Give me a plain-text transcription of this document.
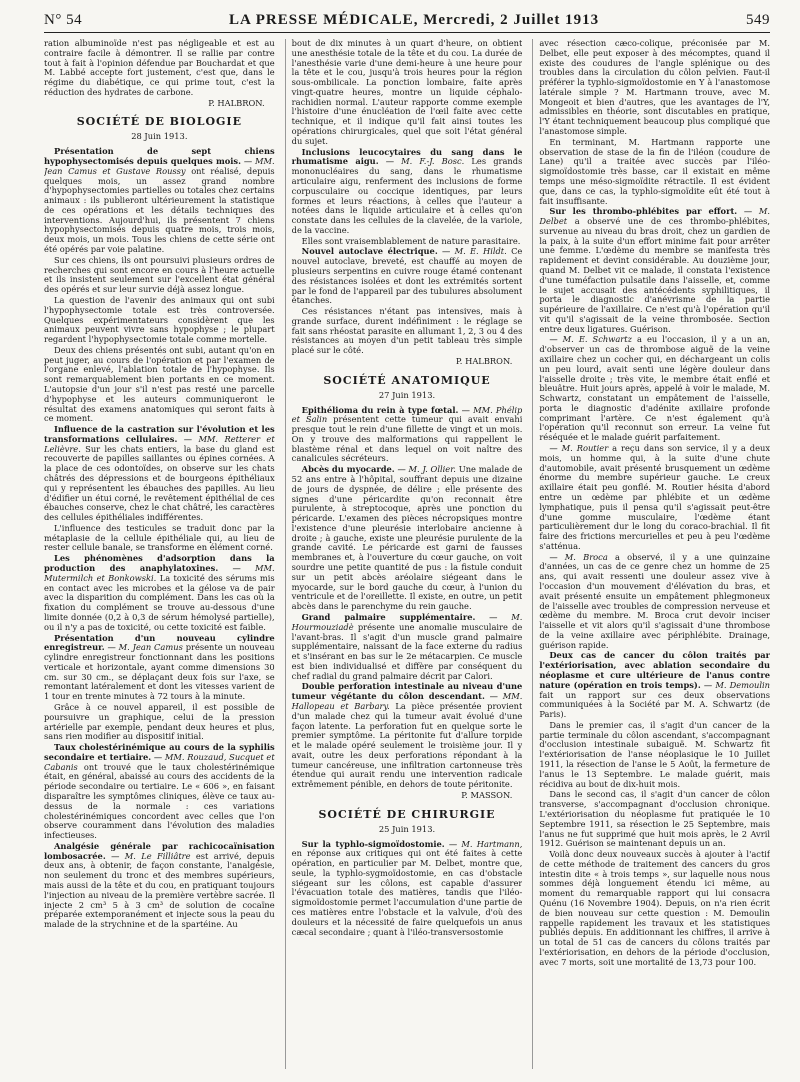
N° 54	LA PRESSE MÉDICALE, Mercredi, 2 Juillet 1913	549

ration albuminoïde n'est pas négligeable et est au contraire facile à démontrer. Il se rallie par contre tout à fait à l'opinion défendue par Bouchardat et que M. Labbé accepte fort justement, c'est que, dans le régime du diabétique, ce qui prime tout, c'est la réduction des hydrates de carbone.

P. HALBRON.
SOCIÉTÉ DE BIOLOGIE
28 Juin 1913.

Présentation de sept chiens hypophysectomisés depuis quelques mois. — MM. Jean Camus et Gustave Roussy ont réalisé, depuis quelques mois, un assez grand nombre d'hypophysectomies partielles ou totales chez certains animaux : ils publieront ultérieurement la statistique de ces opérations et les détails techniques des interventions. Aujourd'hui, ils présentent 7 chiens hypophysectomisés depuis quatre mois, trois mois, deux mois, un mois. Tous les chiens de cette série ont été opérés par voie palatine.

Sur ces chiens, ils ont poursuivi plusieurs ordres de recherches qui sont encore en cours à l'heure actuelle et ils insistent seulement sur l'excellent état général des opérés et sur leur survie déjà assez longue.

La question de l'avenir des animaux qui ont subi l'hypophysectomie totale est très controversée. Quelques expérimentateurs considèrent que les animaux peuvent vivre sans hypophyse ; le plupart regardent l'hypophysectomie totale comme mortelle.

Deux des chiens présentés ont subi, autant qu'on en peut juger, au cours de l'opération et par l'examen de l'organe enlevé, l'ablation totale de l'hypophyse. Ils sont remarquablement bien portants en ce moment. L'autopsie d'un jour s'il n'est pas resté une parcelle d'hypophyse et les auteurs communiqueront le résultat des examens anatomiques qui seront faits à ce moment.

Influence de la castration sur l'évolution et les transformations cellulaires. — MM. Retterer et Lelièvre. Sur les chats entiers, la base du gland est recouverte de papilles saillantes ou épines cornées. A la place de ces odontoïdes, on observe sur les chats châtrés des dépressions et de bourgeons épithéliaux qui y représentent les ébauches des papilles. Au lieu d'édifier un étui corné, le revêtement épithélial de ces ébauches conserve, chez le chat châtré, les caractères des cellules épithéliales indifférentes.

L'influence des testicules se traduit donc par la métaplasie de la cellule épithéliale qui, au lieu de rester cellule banale, se transforme en élément corné.

Les phénomènes d'adsorption dans la production des anaphylatoxines. — MM. Mutermilch et Bonkowski. La toxicité des sérums mis en contact avec les microbes et la gélose va de pair avec la disparition du complément. Dans les cas où la fixation du complément se trouve au-dessous d'une limite donnée (0,2 à 0,3 de sérum hémolysé partielle), ou il n'y a pas de toxicité, ou cette toxicité est faible.

Présentation d'un nouveau cylindre enregistreur. — M. Jean Camus présente un nouveau cylindre enregistreur fonctionnant dans les positions verticale et horizontale, ayant comme dimensions 30 cm. sur 30 cm., se déplaçant deux fois sur l'axe, se remontant latéralement et dont les vitesses varient de 1 tour en trente minutes à 72 tours à la minute.

Grâce à ce nouvel appareil, il est possible de poursuivre un graphique, celui de la pression artérielle par exemple, pendant deux heures et plus, sans rien modifier au dispositif initial.

Taux cholestérinémique au cours de la syphilis secondaire et tertiaire. — MM. Rouzaud, Sucquet et Cabanis ont trouvé que le taux cholestérinémique était, en général, abaissé au cours des accidents de la période secondaire ou tertiaire. Le « 606 », en faisant disparaître les symptômes cliniques, élève ce taux au-dessus de la normale : ces variations cholestérinémiques concordent avec celles que l'on observe couramment dans l'évolution des maladies infectieuses.

Analgésie générale par rachicocaïnisation lombosacrée. — M. Le Filliâtre est arrivé, depuis deux ans, à obtenir, de façon constante, l'analgésie, non seulement du tronc et des membres supérieurs, mais aussi de la tête et du cou, en pratiquant toujours l'injection au niveau de la première vertèbre sacrée. Il injecte 2 cm³ 5 à 3 cm³ de solution de cocaïne préparée extemporanément et injecte sous la peau du malade de la strychnine et de la spartéine. Au

bout de dix minutes à un quart d'heure, on obtient une anesthésie totale de la tête et du cou. La durée de l'anesthésie varie d'une demi-heure à une heure pour la tête et le cou, jusqu'à trois heures pour la région sous-ombilicale. La ponction lombaire, faite après vingt-quatre heures, montre un liquide céphalo-rachidien normal. L'auteur rapporte comme exemple l'histoire d'une énucléation de l'œil faite avec cette technique, et il indique qu'il fait ainsi toutes les opérations chirurgicales, quel que soit l'état général du sujet.

Inclusions leucocytaires du sang dans le rhumatisme aigu. — M. F.-J. Bosc. Les grands mononucléaires du sang, dans le rhumatisme articulaire aigu, renferment des inclusions de forme corpusculaire ou coccique identiques, par leurs formes et leurs réactions, à celles que l'auteur a notées dans le liquide articulaire et à celles qu'on constate dans les cellules de la clavelée, de la variole, de la vaccine.

Elles sont vraisemblablement de nature parasitaire.

Nouvel autoclave électrique. — M. E. Hildt. Ce nouvel autoclave, breveté, est chauffé au moyen de plusieurs serpentins en cuivre rouge étamé contenant des résistances isolées et dont les extrémités sortent par le fond de l'appareil par des tubulures absolument étanches.

Ces résistances n'étant pas intensives, mais à grande surface, durent indéfiniment : le réglage se fait sans rhéostat parasite en allumant 1, 2, 3 ou 4 des résistances au moyen d'un petit tableau très simple placé sur le côté.

P. HALBRON.
SOCIÉTÉ ANATOMIQUE
27 Juin 1913.

Epithélioma du rein à type fœtal. — MM. Phélip et Salin présentent cette tumeur qui avait envahi presque tout le rein d'une fillette de vingt et un mois. On y trouve des malformations qui rappellent le blastème rénal et dans lequel on voit naître des canalicules sécréteurs.

Abcès du myocarde. — M. J. Ollier. Une malade de 52 ans entre à l'hôpital, souffrant depuis une dizaine de jours de dyspnée, de délire ; elle présente des signes d'une péricardite qu'on reconnait être purulente, à streptocoque, après une ponction du péricarde. L'examen des pièces nécropsiques montre l'existence d'une pleurésie interlobaire ancienne à droite ; à gauche, existe une pleurésie purulente de la grande cavité. Le péricarde est garni de fausses membranes et, à l'ouverture du cœur gauche, on voit sourdre une petite quantité de pus : la fistule conduit sur un petit abcès aréolaire siégeant dans le myocarde, sur le bord gauche du cœur, à l'union du ventricule et de l'oreillette. Il existe, en outre, un petit abcès dans le parenchyme du rein gauche.

Grand palmaire supplémentaire. — M. Hourmouziadè présente une anomalie musculaire de l'avant-bras. Il s'agit d'un muscle grand palmaire supplémentaire, naissant de la face externe du radius et s'insérant en bas sur le 2e métacarpien. Ce muscle est bien individualisé et diffère par conséquent du chef radial du grand palmaire décrit par Calori.

Double perforation intestinale au niveau d'une tumeur végétante du côlon descendant. — MM. Hallopeau et Barbary. La pièce présentée provient d'un malade chez qui la tumeur avait évolué d'une façon latente. La perforation fut en quelque sorte le premier symptôme. La péritonite fut d'allure torpide et le malade opéré seulement le troisième jour. Il y avait, outre les deux perforations répondant à la tumeur cancéreuse, une infiltration cartonneuse très étendue qui aurait rendu une intervention radicale extrêmement pénible, en dehors de toute péritonite.

P. MASSON.
SOCIÉTÉ DE CHIRURGIE
25 Juin 1913.

Sur la typhlo-sigmoïdostomie. — M. Hartmann, en réponse aux critiques qui ont été faites à cette opération, en particulier par M. Delbet, montre que, seule, la typhlo-sygmoïdostomie, en cas d'obstacle siégeant sur les côlons, est capable d'assurer l'évacuation totale des matières, tandis que l'iléo-sigmoïdostomie permet l'accumulation d'une partie de ces matières entre l'obstacle et la valvule, d'où des douleurs et la nécessité de faire quelquefois un anus cæcal secondaire ; quant à l'iléo-transversostomie

avec résection cæco-colique, préconisée par M. Delbet, elle peut exposer à des mécomptes, quand il existe des coudures de l'angle splénique ou des troubles dans la circulation du côlon pelvien. Faut-il préférer la typhlo-sigmoïdostomie en Y à l'anastomose latérale simple ? M. Hartmann trouve, avec M. Mongeoit et bien d'autres, que les avantages de l'Y, admissibles en théorie, sont discutables en pratique, l'Y étant techniquement beaucoup plus compliqué que l'anastomose simple.

En terminant, M. Hartmann rapporte une observation de stase de la fin de l'iléon (coudure de Lane) qu'il a traitée avec succès par l'iléo-sigmoïdostomie très basse, car il existait en même temps une méso-sigmoïdite rétractile. Il est évident que, dans ce cas, la typhlo-sigmoïdite eût été tout à fait insuffisante.

Sur les thrombo-phlébites par effort. — M. Delbet a observé une de ces thrombo-phlébites, survenue au niveau du bras droit, chez un gardien de la paix, à la suite d'un effort minime fait pour arrêter une femme. L'œdème du membre se manifesta très rapidement et devint considérable. Au douzième jour, quand M. Delbet vit ce malade, il constata l'existence d'une tuméfaction pulsatile dans l'aisselle, et, comme le sujet accusait des antécédents syphilitiques, il porta le diagnostic d'anévrisme de la partie supérieure de l'axillaire. Ce n'est qu'à l'opération qu'il vit qu'il s'agissait de la veine thrombosée. Section entre deux ligatures. Guérison.

— M. E. Schwartz a eu l'occasion, il y a un an, d'observer un cas de thrombose aiguë de la veine axillaire chez un cocher qui, en déchargeant un colis un peu lourd, avait senti une légère douleur dans l'aisselle droite ; très vite, le membre était enflé et bleuâtre. Huit jours après, appelé à voir le malade, M. Schwartz, constatant un empâtement de l'aisselle, porta le diagnostic d'adénite axillaire profonde comprimant l'artère. Ce n'est également qu'à l'opération qu'il reconnut son erreur. La veine fut réséquée et le malade guérit parfaitement.

— M. Routier a reçu dans son service, il y a deux mois, un homme qui, à la suite d'une chute d'automobile, avait présenté brusquement un œdème énorme du membre supérieur gauche. Le creux axillaire était peu gonflé. M. Routier hésita d'abord entre un œdème par phlébite et un œdème lymphatique, puis il pensa qu'il s'agissait peut-être d'une gomme musculaire, l'œdème étant particulièrement dur le long du coraco-brachial. Il fit faire des frictions mercurielles et peu à peu l'œdème s'atténua.

— M. Broca a observé, il y a une quinzaine d'années, un cas de ce genre chez un homme de 25 ans, qui avait ressenti une douleur assez vive à l'occasion d'un mouvement d'élévation du bras, et avait présenté ensuite un empâtement phlegmoneux de l'aisselle avec troubles de compression nerveuse et œdème du membre. M. Broca crut devoir inciser l'aisselle et vit alors qu'il s'agissait d'une thrombose de la veine axillaire avec périphlébite. Drainage, guérison rapide.

Deux cas de cancer du côlon traités par l'extériorisation, avec ablation secondaire du néoplasme et cure ultérieure de l'anus contre nature (opération en trois temps). — M. Demoulin fait un rapport sur ces deux observations communiquées à la Société par M. A. Schwartz (de Paris).

Dans le premier cas, il s'agit d'un cancer de la partie terminale du côlon ascendant, s'accompagnant d'occlusion intestinale subaiguë. M. Schwartz fit l'extériorisation de l'anse néoplasique le 10 Juillet 1911, la résection de l'anse le 5 Août, la fermeture de l'anus le 13 Septembre. Le malade guérit, mais récidiva au bout de dix-huit mois.

Dans le second cas, il s'agit d'un cancer de côlon transverse, s'accompagnant d'occlusion chronique. L'extériorisation du néoplasme fut pratiquée le 10 Septembre 1911, sa résection le 25 Septembre, mais l'anus ne fut supprimé que huit mois après, le 2 Avril 1912. Guérison se maintenant depuis un an.

Voilà donc deux nouveaux succès à ajouter à l'actif de cette méthode de traitement des cancers du gros intestin dite « à trois temps », sur laquelle nous nous sommes déjà longuement étendu ici même, au moment du remarquable rapport qui lui consacra Quénu (16 Novembre 1904). Depuis, on n'a rien écrit de bien nouveau sur cette question : M. Demoulin rappelle rapidement les travaux et les statistiques publiés depuis. En additionnant les chiffres, il arrive à un total de 51 cas de cancers du côlons traités par l'extériorisation, en dehors de la période d'occlusion, avec 7 morts, soit une mortalité de 13,73 pour 100.
